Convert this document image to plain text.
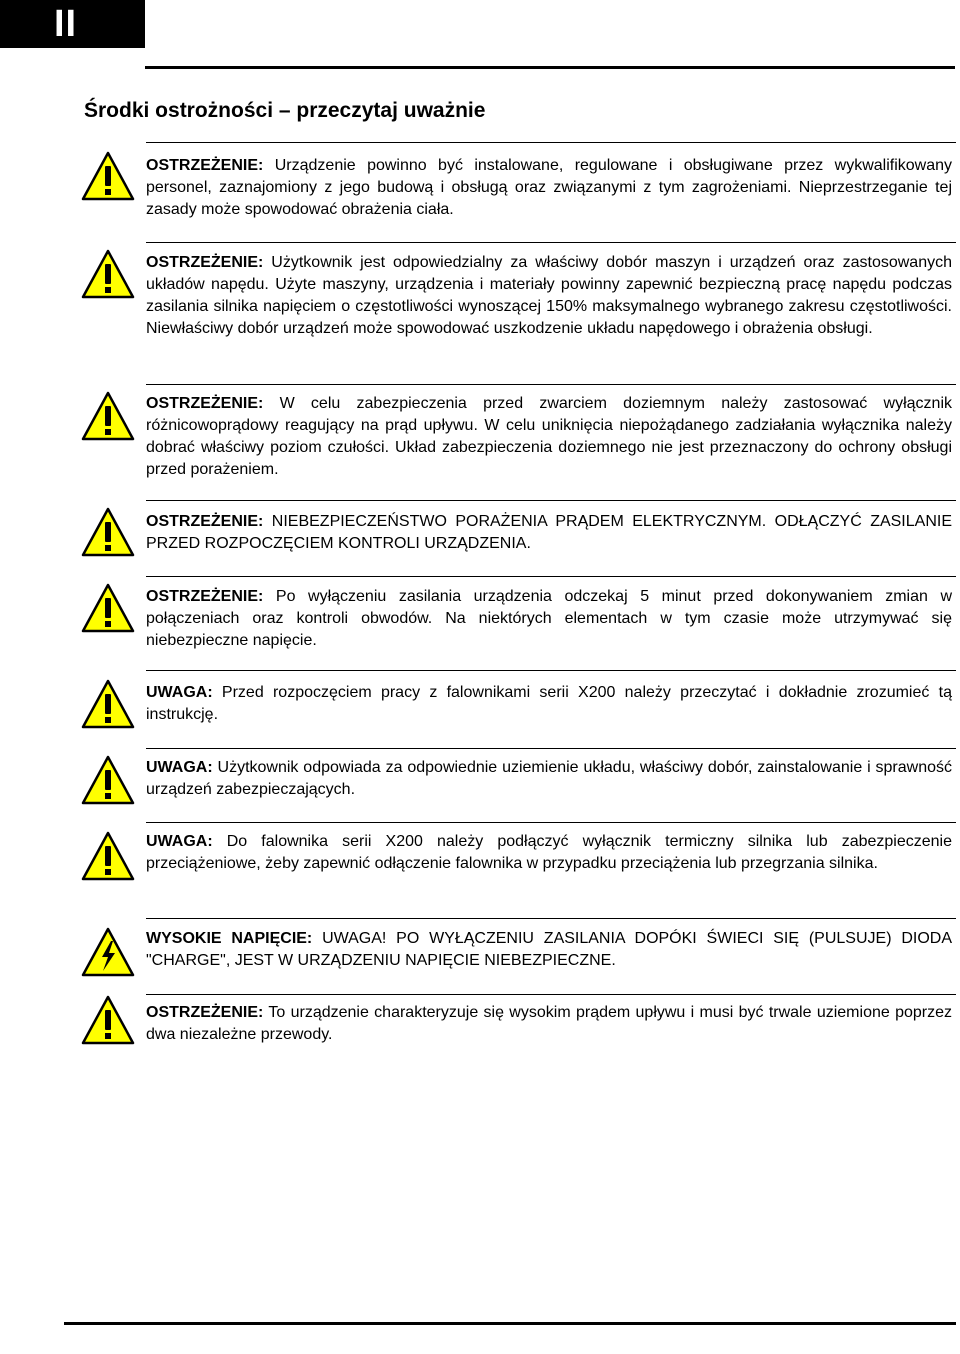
II
Środki ostrożności – przeczytaj uważnie
OSTRZEŻENIE: Urządzenie powinno być instalowane, regulowane i obsługiwane przez wykwalifikowany personel, zaznajomiony z jego budową i obsługą oraz związanymi z tym zagrożeniami. Nieprzestrzeganie tej zasady może spowodować obrażenia ciała.
OSTRZEŻENIE: Użytkownik jest odpowiedzialny za właściwy dobór maszyn i urządzeń oraz zastosowanych układów napędu. Użyte maszyny, urządzenia i materiały powinny zapewnić bezpieczną pracę napędu podczas zasilania silnika napięciem o częstotliwości wynoszącej 150% maksymalnego wybranego zakresu częstotliwości. Niewłaściwy dobór urządzeń może spowodować uszkodzenie układu napędowego i obrażenia obsługi.
OSTRZEŻENIE: W celu zabezpieczenia przed zwarciem doziemnym należy zastosować wyłącznik różnicowoprądowy reagujący na prąd upływu. W celu uniknięcia niepożądanego zadziałania wyłącznika należy dobrać właściwy poziom czułości. Układ zabezpieczenia doziemnego nie jest przeznaczony do ochrony obsługi przed porażeniem.
OSTRZEŻENIE: NIEBEZPIECZEŃSTWO PORAŻENIA PRĄDEM ELEKTRYCZNYM. ODŁĄCZYĆ ZASILANIE PRZED ROZPOCZĘCIEM KONTROLI URZĄDZENIA.
OSTRZEŻENIE: Po wyłączeniu zasilania urządzenia odczekaj 5 minut przed dokonywaniem zmian w połączeniach oraz kontroli obwodów. Na niektórych elementach w tym czasie może utrzymywać się niebezpieczne napięcie.
UWAGA: Przed rozpoczęciem pracy z falownikami serii X200 należy przeczytać i dokładnie zrozumieć tą instrukcję.
UWAGA: Użytkownik odpowiada za odpowiednie uziemienie układu, właściwy dobór, zainstalowanie i sprawność urządzeń zabezpieczających.
UWAGA: Do falownika serii X200 należy podłączyć wyłącznik termiczny silnika lub zabezpieczenie przeciążeniowe, żeby zapewnić odłączenie falownika w przypadku przeciążenia lub przegrzania silnika.
WYSOKIE NAPIĘCIE: UWAGA! PO WYŁĄCZENIU ZASILANIA DOPÓKI ŚWIECI SIĘ (PULSUJE) DIODA "CHARGE", JEST W URZĄDZENIU NAPIĘCIE NIEBEZPIECZNE.
OSTRZEŻENIE: To urządzenie charakteryzuje się wysokim prądem upływu i musi być trwale uziemione poprzez dwa niezależne przewody.
